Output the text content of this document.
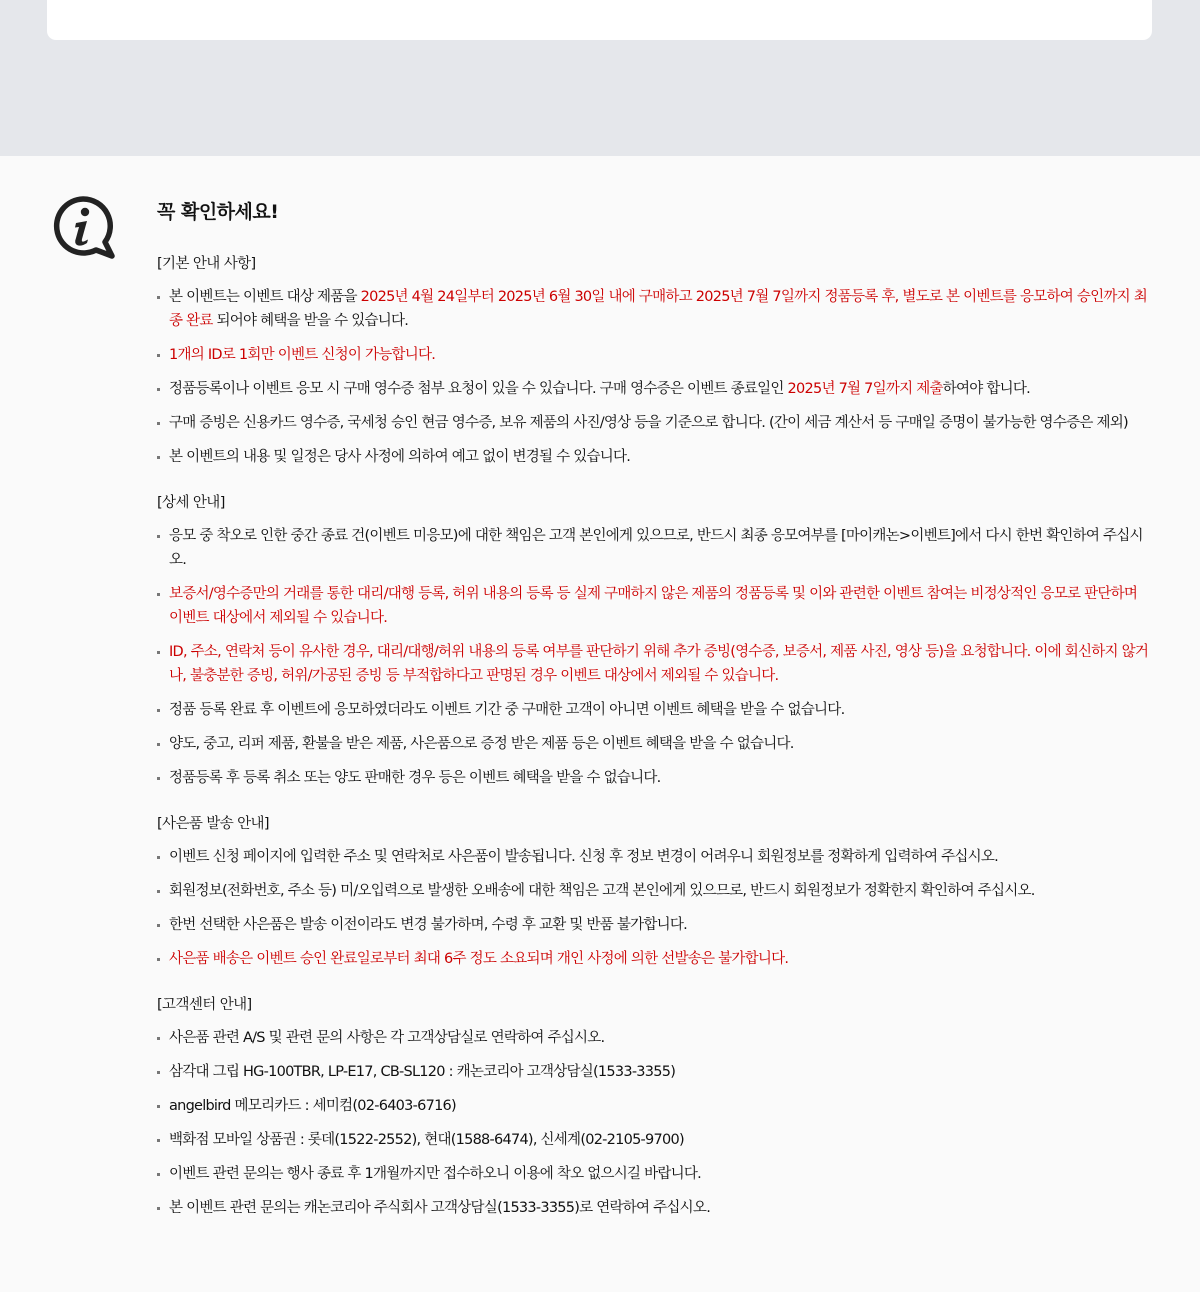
꼭 확인하세요!
[기본 안내 사항]
본 이벤트는 이벤트 대상 제품을 2025년 4월 24일부터 2025년 6월 30일 내에 구매하고 2025년 7월 7일까지 정품등록 후, 별도로 본 이벤트를 응모하여 승인까지 최종 완료 되어야 혜택을 받을 수 있습니다.
1개의 ID로 1회만 이벤트 신청이 가능합니다.
정품등록이나 이벤트 응모 시 구매 영수증 첨부 요청이 있을 수 있습니다. 구매 영수증은 이벤트 종료일인 2025년 7월 7일까지 제출하여야 합니다.
구매 증빙은 신용카드 영수증, 국세청 승인 현금 영수증, 보유 제품의 사진/영상 등을 기준으로 합니다. (간이 세금 계산서 등 구매일 증명이 불가능한 영수증은 제외)
본 이벤트의 내용 및 일정은 당사 사정에 의하여 예고 없이 변경될 수 있습니다.
[상세 안내]
응모 중 착오로 인한 중간 종료 건(이벤트 미응모)에 대한 책임은 고객 본인에게 있으므로, 반드시 최종 응모여부를 [마이캐논>이벤트]에서 다시 한번 확인하여 주십시오.
보증서/영수증만의 거래를 통한 대리/대행 등록, 허위 내용의 등록 등 실제 구매하지 않은 제품의 정품등록 및 이와 관련한 이벤트 참여는 비정상적인 응모로 판단하며 이벤트 대상에서 제외될 수 있습니다.
ID, 주소, 연락처 등이 유사한 경우, 대리/대행/허위 내용의 등록 여부를 판단하기 위해 추가 증빙(영수증, 보증서, 제품 사진, 영상 등)을 요청합니다. 이에 회신하지 않거나, 불충분한 증빙, 허위/가공된 증빙 등 부적합하다고 판명된 경우 이벤트 대상에서 제외될 수 있습니다.
정품 등록 완료 후 이벤트에 응모하였더라도 이벤트 기간 중 구매한 고객이 아니면 이벤트 혜택을 받을 수 없습니다.
양도, 중고, 리퍼 제품, 환불을 받은 제품, 사은품으로 증정 받은 제품 등은 이벤트 혜택을 받을 수 없습니다.
정품등록 후 등록 취소 또는 양도 판매한 경우 등은 이벤트 혜택을 받을 수 없습니다.
[사은품 발송 안내]
이벤트 신청 페이지에 입력한 주소 및 연락처로 사은품이 발송됩니다. 신청 후 정보 변경이 어려우니 회원정보를 정확하게 입력하여 주십시오.
회원정보(전화번호, 주소 등) 미/오입력으로 발생한 오배송에 대한 책임은 고객 본인에게 있으므로, 반드시 회원정보가 정확한지 확인하여 주십시오.
한번 선택한 사은품은 발송 이전이라도 변경 불가하며, 수령 후 교환 및 반품 불가합니다.
사은품 배송은 이벤트 승인 완료일로부터 최대 6주 정도 소요되며 개인 사정에 의한 선발송은 불가합니다.
[고객센터 안내]
사은품 관련 A/S 및 관련 문의 사항은 각 고객상담실로 연락하여 주십시오.
삼각대 그립 HG-100TBR, LP-E17, CB-SL120 : 캐논코리아 고객상담실(1533-3355)
angelbird 메모리카드 : 세미컴(02-6403-6716)
백화점 모바일 상품권 : 롯데(1522-2552), 현대(1588-6474), 신세계(02-2105-9700)
이벤트 관련 문의는 행사 종료 후 1개월까지만 접수하오니 이용에 착오 없으시길 바랍니다.
본 이벤트 관련 문의는 캐논코리아 주식회사 고객상담실(1533-3355)로 연락하여 주십시오.
